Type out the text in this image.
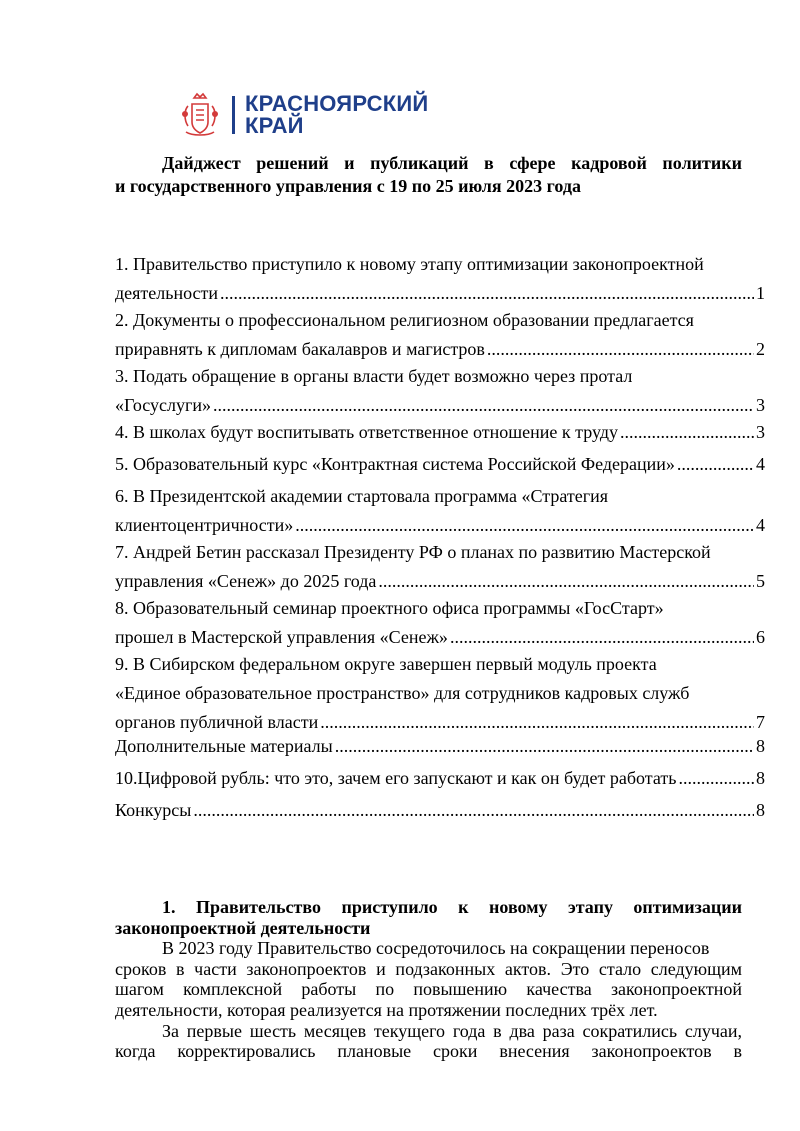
КРАСНОЯРСКИЙ
КРАЙ
Дайджест решений и публикаций в сфере кадровой политики
и государственного управления с 19 по 25 июля 2023 года
1. Правительство приступило к новому этапу оптимизации законопроектной
деятельности .....	1
2. Документы о профессиональном религиозном образовании предлагается
приравнять к дипломам бакалавров и магистров .....	2
3. Подать обращение в органы власти будет возможно через протал
«Госуслуги» .....	3
4. В школах будут воспитывать ответственное отношение к труду .....	3
5. Образовательный курс «Контрактная система Российской Федерации» .....	4
6. В Президентской академии стартовала программа «Стратегия
клиентоцентричности» .....	4
7. Андрей Бетин рассказал Президенту РФ о планах по развитию Мастерской
управления «Сенеж» до 2025 года .....	5
8. Образовательный семинар проектного офиса программы «ГосСтарт»
прошел в Мастерской управления «Сенеж» .....	6
9. В Сибирском федеральном округе завершен первый модуль проекта
«Единое образовательное пространство» для сотрудников кадровых служб
органов публичной власти .....	7
Дополнительные материалы .....	8
10.Цифровой рубль: что это, зачем его запускают и как он будет работать .....	8
Конкурсы .....	8
1. Правительство приступило к новому этапу оптимизации
законопроектной деятельности
В 2023 году Правительство сосредоточилось на сокращении переносов
сроков в части законопроектов и подзаконных актов. Это стало следующим
шагом комплексной работы по повышению качества законопроектной
деятельности, которая реализуется на протяжении последних трёх лет.
За первые шесть месяцев текущего года в два раза сократились случаи,
когда корректировались плановые сроки внесения законопроектов в
